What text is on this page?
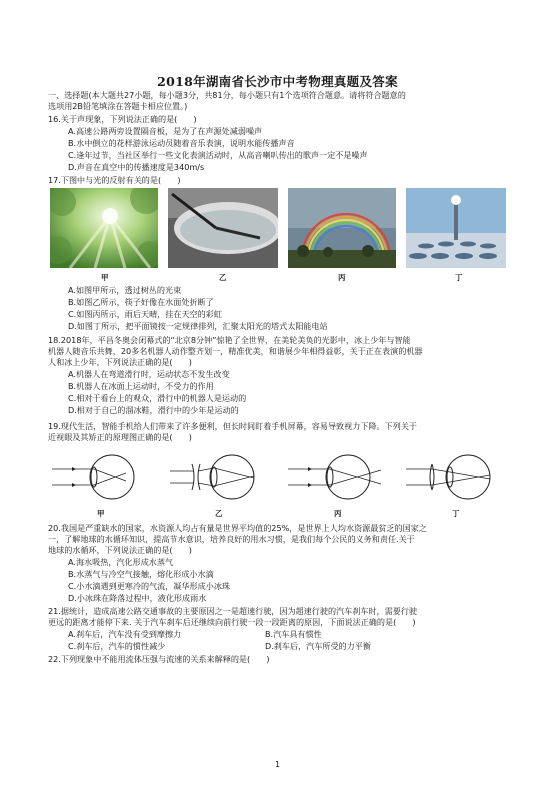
2018年湖南省长沙市中考物理真题及答案
一、选择题(本大题共27小题，每小题3分，共81分，每小题只有1个选项符合题意。请将符合题意的
选项用2B铅笔填涂在答题卡相应位置。)
16.关于声现象，下列说法正确的是(　　)
A.高速公路两旁设置隔音板，是为了在声源处减弱噪声
B.水中倒立的花样游泳运动员随着音乐表演，说明水能传播声音
C.逢年过节，当社区举行一些文化表演活动时，从高音喇叭传出的歌声一定不是噪声
D.声音在真空中的传播速度是340m/s
17.下图中与光的反射有关的是(　　)
甲	乙	丙	丁
A.如图甲所示，透过树丛的光束
B.如图乙所示，筷子好像在水面处折断了
C.如图丙所示，雨后天晴，挂在天空的彩虹
D.如图丁所示，把平面镜按一定规律排列，汇聚太阳光的塔式太阳能电站
18.2018年，平昌冬奥会闭幕式的“北京8分钟”惊艳了全世界，在美轮美奂的光影中，冰上少年与智能
机器人随音乐共舞，20多名机器人动作整齐划一，精准优美，和谐展少年相得益彰，关于正在表演的机器
人和冰上少年，下列说法正确的是(　　)
A.机器人在弯道滑行时，运动状态不发生改变
B.机器人在冰面上运动时，不受力的作用
C.相对于看台上的观众，滑行中的机器人是运动的
D.相对于自己的溜冰鞋，滑行中的少年是运动的
19.现代生活，智能手机给人们带来了许多便利，但长时间盯着手机屏幕，容易导致视力下降。下列关于
近视眼及其矫正的原理图正确的是(　　)
甲	乙	丙	丁
20.我国是严重缺水的国家，水资源人均占有量是世界平均值的25%，是世界上人均水资源最贫乏的国家之
一，了解地球的水循环知识，提高节水意识，培养良好的用水习惯，是我们每个公民的义务和责任.关于
地球的水循环，下列说法正确的是(　　)
A.海水吸热，汽化形成水蒸气
B.水蒸气与冷空气接触，熔化形成小水滴
C.小水滴遇到更寒冷的气流，凝华形成小冰珠
D.小冰珠在降落过程中，液化形成雨水
21.据统计，造成高速公路交通事故的主要原因之一是超速行驶，因为超速行驶的汽车刹车时，需要行驶
更远的距离才能停下来. 关于汽车刹车后还继续向前行驶一段一段距离的原因，下面说法正确的是(　　)
A.刹车后，汽车没有受到摩擦力	B.汽车具有惯性
C.刹车后，汽车的惯性减少	D.刹车后，汽车所受的力平衡
22.下列现象中不能用流体压强与流速的关系来解释的是(　　)
1
